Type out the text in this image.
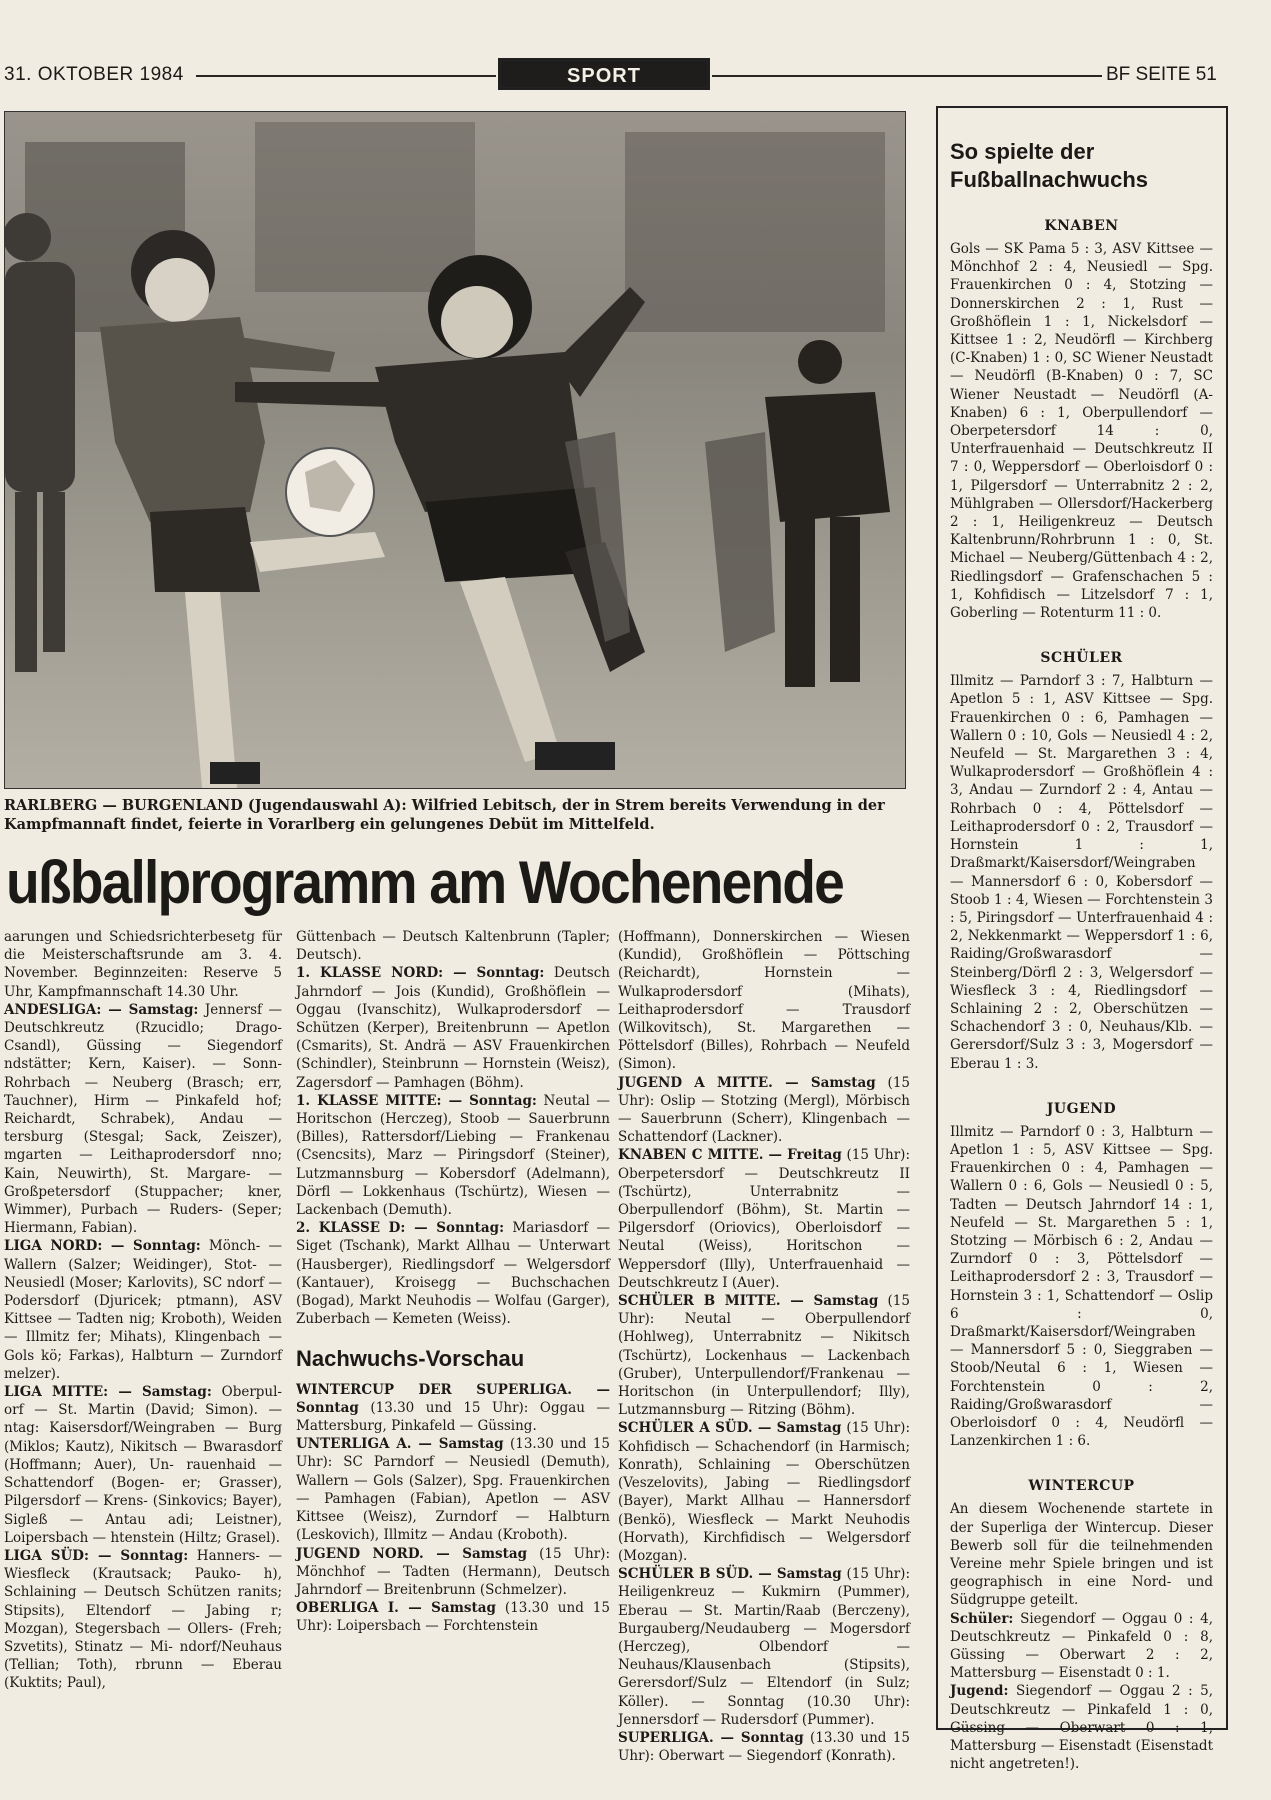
31. OKTOBER 1984	SPORT	BF SEITE 51
RARLBERG — BURGENLAND (Jugendauswahl A): Wilfried Lebitsch, der in Strem bereits Verwendung in der Kampfmannaft findet, feierte in Vorarlberg ein gelungenes Debüt im Mittelfeld.
ußballprogramm am Wochenende

aarungen und Schiedsrichterbesetg für die Meisterschaftsrunde am 3. 4. November. Beginnzeiten: Reserve 5 Uhr, Kampfmannschaft 14.30 Uhr.

ANDESLIGA: — Samstag: Jennersf — Deutschkreutz (Rzucidlo; Drago- Csandl), Güssing — Siegendorf ndstätter; Kern, Kaiser). — Sonn- Rohrbach — Neuberg (Brasch; err, Tauchner), Hirm — Pinkafeld hof; Reichardt, Schrabek), Andau — tersburg (Stesgal; Sack, Zeiszer), mgarten — Leithaprodersdorf nno; Kain, Neuwirth), St. Margare- — Großpetersdorf (Stuppacher; kner, Wimmer), Purbach — Ruders- (Seper; Hiermann, Fabian).

LIGA NORD: — Sonntag: Mönch- — Wallern (Salzer; Weidinger), Stot- — Neusiedl (Moser; Karlovits), SC ndorf — Podersdorf (Djuricek; ptmann), ASV Kittsee — Tadten nig; Kroboth), Weiden — Illmitz fer; Mihats), Klingenbach — Gols kö; Farkas), Halbturn — Zurndorf melzer).

LIGA MITTE: — Samstag: Oberpul- orf — St. Martin (David; Simon). — ntag: Kaisersdorf/Weingraben — Burg (Miklos; Kautz), Nikitsch — Bwarasdorf (Hoffmann; Auer), Un- rauenhaid — Schattendorf (Bogen- er; Grasser), Pilgersdorf — Krens- (Sinkovics; Bayer), Sigleß — Antau adi; Leistner), Loipersbach — htenstein (Hiltz; Grasel).

LIGA SÜD: — Sonntag: Hanners- — Wiesfleck (Krautsack; Pauko- h), Schlaining — Deutsch Schützen ranits; Stipsits), Eltendorf — Jabing r; Mozgan), Stegersbach — Ollers- (Freh; Szvetits), Stinatz — Mi- ndorf/Neuhaus (Tellian; Toth), rbrunn — Eberau (Kuktits; Paul),

Güttenbach — Deutsch Kaltenbrunn (Tapler; Deutsch).

1. KLASSE NORD: — Sonntag: Deutsch Jahrndorf — Jois (Kundid), Großhöflein — Oggau (Ivanschitz), Wulkaprodersdorf — Schützen (Kerper), Breitenbrunn — Apetlon (Csmarits), St. Andrä — ASV Frauenkirchen (Schindler), Steinbrunn — Hornstein (Weisz), Zagersdorf — Pamhagen (Böhm).

1. KLASSE MITTE: — Sonntag: Neutal — Horitschon (Herczeg), Stoob — Sauerbrunn (Billes), Rattersdorf/Liebing — Frankenau (Csencsits), Marz — Piringsdorf (Steiner), Lutzmannsburg — Kobersdorf (Adelmann), Dörfl — Lokkenhaus (Tschürtz), Wiesen — Lackenbach (Demuth).

2. KLASSE D: — Sonntag: Mariasdorf — Siget (Tschank), Markt Allhau — Unterwart (Hausberger), Riedlingsdorf — Welgersdorf (Kantauer), Kroisegg — Buchschachen (Bogad), Markt Neuhodis — Wolfau (Garger), Zuberbach — Kemeten (Weiss).

Nachwuchs-Vorschau

WINTERCUP DER SUPERLIGA. — Sonntag (13.30 und 15 Uhr): Oggau — Mattersburg, Pinkafeld — Güssing.

UNTERLIGA A. — Samstag (13.30 und 15 Uhr): SC Parndorf — Neusiedl (Demuth), Wallern — Gols (Salzer), Spg. Frauenkirchen — Pamhagen (Fabian), Apetlon — ASV Kittsee (Weisz), Zurndorf — Halbturn (Leskovich), Illmitz — Andau (Kroboth).

JUGEND NORD. — Samstag (15 Uhr): Mönchhof — Tadten (Hermann), Deutsch Jahrndorf — Breitenbrunn (Schmelzer).

OBERLIGA I. — Samstag (13.30 und 15 Uhr): Loipersbach — Forchtenstein

(Hoffmann), Donnerskirchen — Wiesen (Kundid), Großhöflein — Pöttsching (Reichardt), Hornstein — Wulkaprodersdorf (Mihats), Leithaprodersdorf — Trausdorf (Wilkovitsch), St. Margarethen — Pöttelsdorf (Billes), Rohrbach — Neufeld (Simon).

JUGEND A MITTE. — Samstag (15 Uhr): Oslip — Stotzing (Mergl), Mörbisch — Sauerbrunn (Scherr), Klingenbach — Schattendorf (Lackner).

KNABEN C MITTE. — Freitag (15 Uhr): Oberpetersdorf — Deutschkreutz II (Tschürtz), Unterrabnitz — Oberpullendorf (Böhm), St. Martin — Pilgersdorf (Oriovics), Oberloisdorf — Neutal (Weiss), Horitschon — Weppersdorf (Illy), Unterfrauenhaid — Deutschkreutz I (Auer).

SCHÜLER B MITTE. — Samstag (15 Uhr): Neutal — Oberpullendorf (Hohlweg), Unterrabnitz — Nikitsch (Tschürtz), Lockenhaus — Lackenbach (Gruber), Unterpullendorf/Frankenau — Horitschon (in Unterpullendorf; Illy), Lutzmannsburg — Ritzing (Böhm).

SCHÜLER A SÜD. — Samstag (15 Uhr): Kohfidisch — Schachendorf (in Harmisch; Konrath), Schlaining — Oberschützen (Veszelovits), Jabing — Riedlingsdorf (Bayer), Markt Allhau — Hannersdorf (Benkö), Wiesfleck — Markt Neuhodis (Horvath), Kirchfidisch — Welgersdorf (Mozgan).

SCHÜLER B SÜD. — Samstag (15 Uhr): Heiligenkreuz — Kukmirn (Pummer), Eberau — St. Martin/Raab (Berczeny), Burgauberg/Neudauberg — Mogersdorf (Herczeg), Olbendorf — Neuhaus/Klausenbach (Stipsits), Gerersdorf/Sulz — Eltendorf (in Sulz; Köller). — Sonntag (10.30 Uhr): Jennersdorf — Rudersdorf (Pummer).

SUPERLIGA. — Sonntag (13.30 und 15 Uhr): Oberwart — Siegendorf (Konrath).

So spielte der Fußballnachwuchs
KNABEN

Gols — SK Pama 5 : 3, ASV Kittsee — Mönchhof 2 : 4, Neusiedl — Spg. Frauenkirchen 0 : 4, Stotzing — Donnerskirchen 2 : 1, Rust — Großhöflein 1 : 1, Nickelsdorf — Kittsee 1 : 2, Neudörfl — Kirchberg (C-Knaben) 1 : 0, SC Wiener Neustadt — Neudörfl (B-Knaben) 0 : 7, SC Wiener Neustadt — Neudörfl (A-Knaben) 6 : 1, Oberpullendorf — Oberpetersdorf 14 : 0, Unterfrauenhaid — Deutschkreutz II 7 : 0, Weppersdorf — Oberloisdorf 0 : 1, Pilgersdorf — Unterrabnitz 2 : 2, Mühlgraben — Ollersdorf/Hackerberg 2 : 1, Heiligenkreuz — Deutsch Kaltenbrunn/Rohrbrunn 1 : 0, St. Michael — Neuberg/Güttenbach 4 : 2, Riedlingsdorf — Grafenschachen 5 : 1, Kohfidisch — Litzelsdorf 7 : 1, Goberling — Rotenturm 11 : 0.

SCHÜLER

Illmitz — Parndorf 3 : 7, Halbturn — Apetlon 5 : 1, ASV Kittsee — Spg. Frauenkirchen 0 : 6, Pamhagen — Wallern 0 : 10, Gols — Neusiedl 4 : 2, Neufeld — St. Margarethen 3 : 4, Wulkaprodersdorf — Großhöflein 4 : 3, Andau — Zurndorf 2 : 4, Antau — Rohrbach 0 : 4, Pöttelsdorf — Leithaprodersdorf 0 : 2, Trausdorf — Hornstein 1 : 1, Draßmarkt/Kaisersdorf/Weingraben — Mannersdorf 6 : 0, Kobersdorf — Stoob 1 : 4, Wiesen — Forchtenstein 3 : 5, Piringsdorf — Unterfrauenhaid 4 : 2, Nekkenmarkt — Weppersdorf 1 : 6, Raiding/Großwarasdorf — Steinberg/Dörfl 2 : 3, Welgersdorf — Wiesfleck 3 : 4, Riedlingsdorf — Schlaining 2 : 2, Oberschützen — Schachendorf 3 : 0, Neuhaus/Klb. — Gerersdorf/Sulz 3 : 3, Mogersdorf — Eberau 1 : 3.

JUGEND

Illmitz — Parndorf 0 : 3, Halbturn — Apetlon 1 : 5, ASV Kittsee — Spg. Frauenkirchen 0 : 4, Pamhagen — Wallern 0 : 6, Gols — Neusiedl 0 : 5, Tadten — Deutsch Jahrndorf 14 : 1, Neufeld — St. Margarethen 5 : 1, Stotzing — Mörbisch 6 : 2, Andau — Zurndorf 0 : 3, Pöttelsdorf — Leithaprodersdorf 2 : 3, Trausdorf — Hornstein 3 : 1, Schattendorf — Oslip 6 : 0, Draßmarkt/Kaisersdorf/Weingraben — Mannersdorf 5 : 0, Sieggraben — Stoob/Neutal 6 : 1, Wiesen — Forchtenstein 0 : 2, Raiding/Großwarasdorf — Oberloisdorf 0 : 4, Neudörfl — Lanzenkirchen 1 : 6.

WINTERCUP

An diesem Wochenende startete in der Superliga der Wintercup. Dieser Bewerb soll für die teilnehmenden Vereine mehr Spiele bringen und ist geographisch in eine Nord- und Südgruppe geteilt.

Schüler: Siegendorf — Oggau 0 : 4, Deutschkreutz — Pinkafeld 0 : 8, Güssing — Oberwart 2 : 2, Mattersburg — Eisenstadt 0 : 1.

Jugend: Siegendorf — Oggau 2 : 5, Deutschkreutz — Pinkafeld 1 : 0, Güssing — Oberwart 0 : 1, Mattersburg — Eisenstadt (Eisenstadt nicht angetreten!).
